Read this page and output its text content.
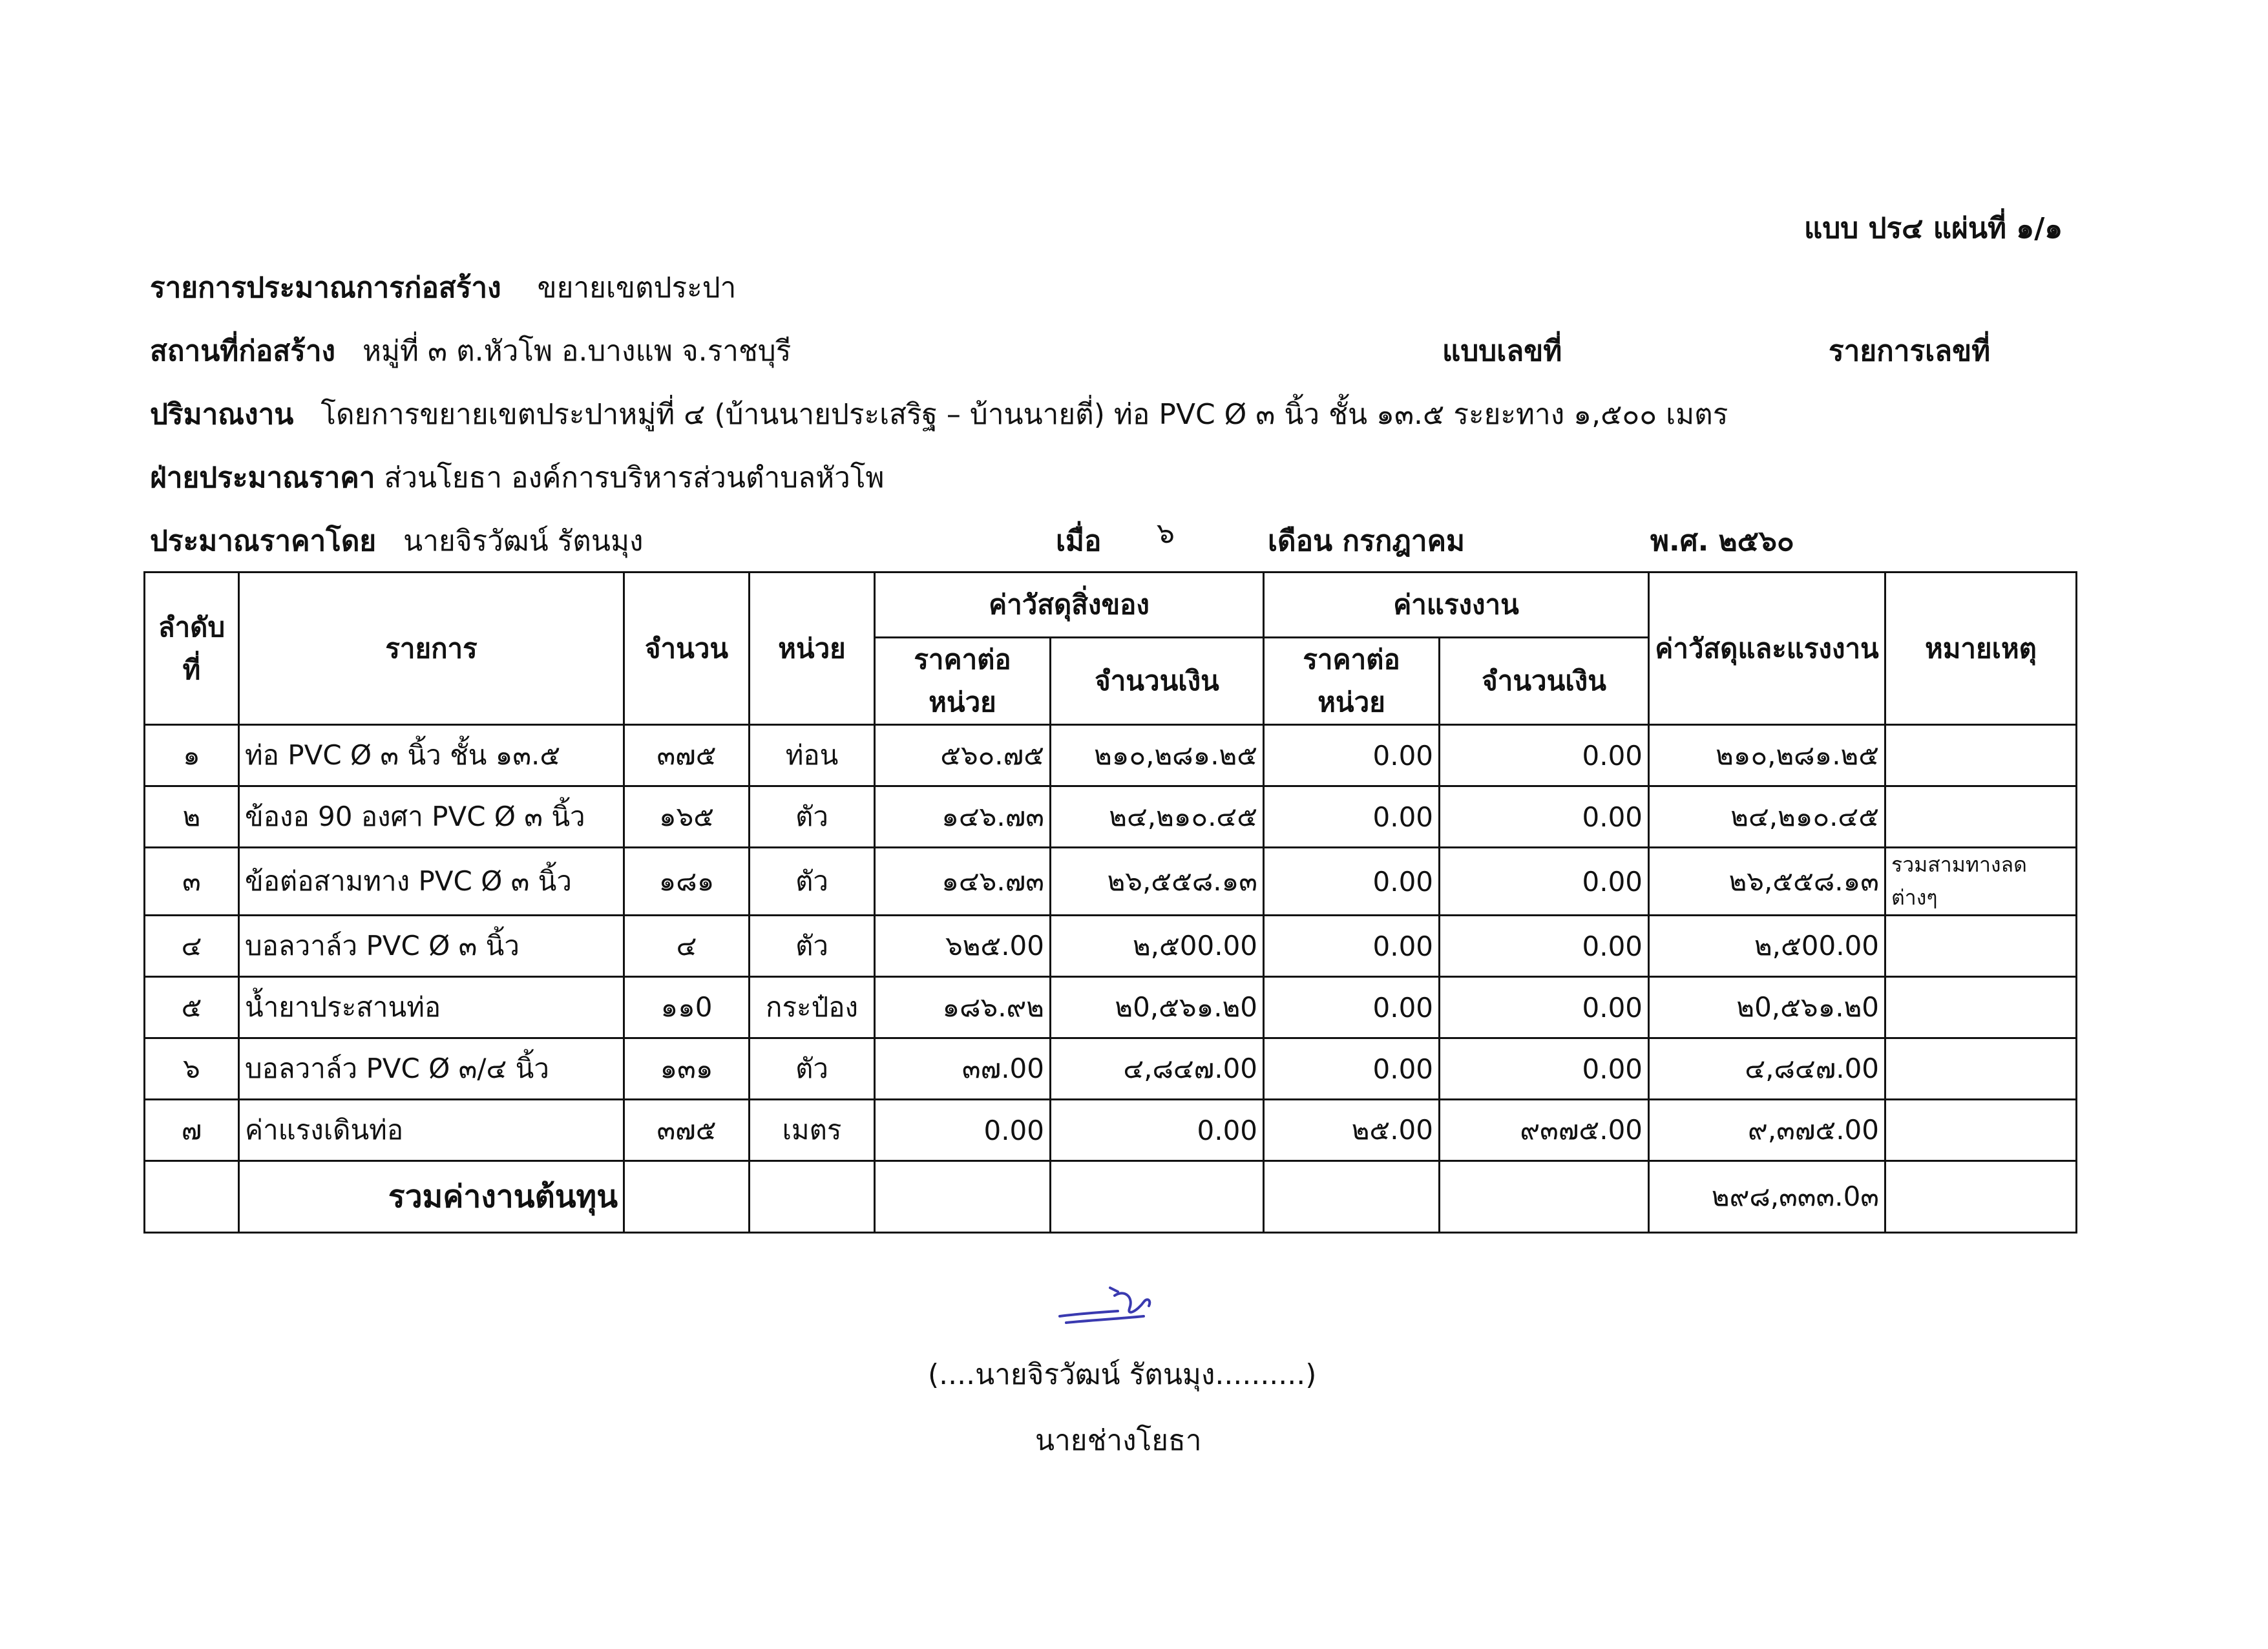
แบบ ปร๔ แผ่นที่ ๑/๑
รายการประมาณการก่อสร้าง ขยายเขตประปา
สถานที่ก่อสร้าง หมู่ที่ ๓ ต.หัวโพ อ.บางแพ จ.ราชบุรี	แบบเลขที่	รายการเลขที่
ปริมาณงาน โดยการขยายเขตประปาหมู่ที่ ๔ (บ้านนายประเสริฐ – บ้านนายตี่) ท่อ PVC Ø ๓ นิ้ว ชั้น ๑๓.๕ ระยะทาง ๑,๕๐๐ เมตร
ฝ่ายประมาณราคา ส่วนโยธา องค์การบริหารส่วนตำบลหัวโพ
ประมาณราคาโดย นายจิรวัฒน์ รัตนมุง	เมื่อ ๖	เดือน กรกฎาคม	พ.ศ. ๒๕๖๐
ลำดับที่	รายการ	จำนวน	หน่วย	ค่าวัสดุสิ่งของ		ค่าแรงงาน		ค่าวัสดุและแรงงาน	หมายเหตุ
				ราคาต่อหน่วย	จำนวนเงิน	ราคาต่อหน่วย	จำนวนเงิน		
๑	ท่อ PVC Ø ๓ นิ้ว ชั้น ๑๓.๕	๓๗๕	ท่อน	๕๖๐.๗๕	๒๑๐,๒๘๑.๒๕	0.00	0.00	๒๑๐,๒๘๑.๒๕	
๒	ข้องอ 90 องศา PVC Ø ๓ นิ้ว	๑๖๕	ตัว	๑๔๖.๗๓	๒๔,๒๑๐.๔๕	0.00	0.00	๒๔,๒๑๐.๔๕	
๓	ข้อต่อสามทาง PVC Ø ๓ นิ้ว	๑๘๑	ตัว	๑๔๖.๗๓	๒๖,๕๕๘.๑๓	0.00	0.00	๒๖,๕๕๘.๑๓	รวมสามทางลดต่างๆ
๔	บอลวาล์ว PVC Ø ๓ นิ้ว	๔	ตัว	๖๒๕.00	๒,๕00.00	0.00	0.00	๒,๕00.00	
๕	น้ำยาประสานท่อ	๑๑0	กระป๋อง	๑๘๖.๙๒	๒0,๕๖๑.๒0	0.00	0.00	๒0,๕๖๑.๒0	
๖	บอลวาล์ว PVC Ø ๓/๔ นิ้ว	๑๓๑	ตัว	๓๗.00	๔,๘๔๗.00	0.00	0.00	๔,๘๔๗.00	
๗	ค่าแรงเดินท่อ	๓๗๕	เมตร	0.00	0.00	๒๕.00	๙๓๗๕.00	๙,๓๗๕.00	
	รวมค่างานต้นทุน							๒๙๘,๓๓๓.0๓	
(....นายจิรวัฒน์ รัตนมุง..........)
นายช่างโยธา
